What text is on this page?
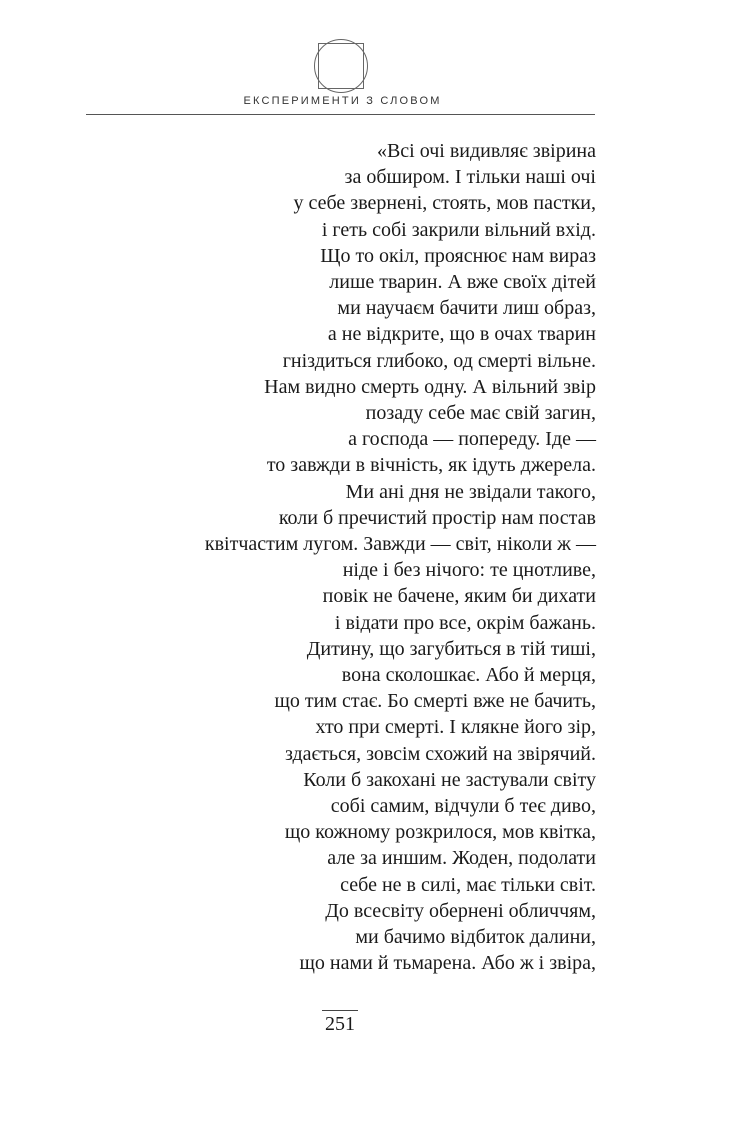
ЕКСПЕРИМЕНТИ З СЛОВОМ
«Всі очі видивляє звірина
за обширом. І тільки наші очі
у себе звернені, стоять, мов пастки,
і геть собі закрили вільний вхід.
Що то окіл, прояснює нам вираз
лише тварин. А вже своїх дітей
ми научаєм бачити лиш образ,
а не відкрите, що в очах тварин
гніздиться глибоко, од смерті вільне.
Нам видно смерть одну. А вільний звір
позаду себе має свій загин,
а господа — попереду. Іде —
то завжди в вічність, як ідуть джерела.
Ми ані дня не звідали такого,
коли б пречистий простір нам постав
квітчастим лугом. Завжди — світ, ніколи ж —
ніде і без нічого: те цнотливе,
повік не бачене, яким би дихати
і відати про все, окрім бажань.
Дитину, що загубиться в тій тиші,
вона сколошкає. Або й мерця,
що тим стає. Бо смерті вже не бачить,
хто при смерті. І клякне його зір,
здається, зовсім схожий на звірячий.
Коли б закохані не застували світу
собі самим, відчули б теє диво,
що кожному розкрилося, мов квітка,
але за иншим. Жоден, подолати
себе не в силі, має тільки світ.
До всесвіту обернені обличчям,
ми бачимо відбиток далини,
що нами й тьмарена. Або ж і звіра,
251
